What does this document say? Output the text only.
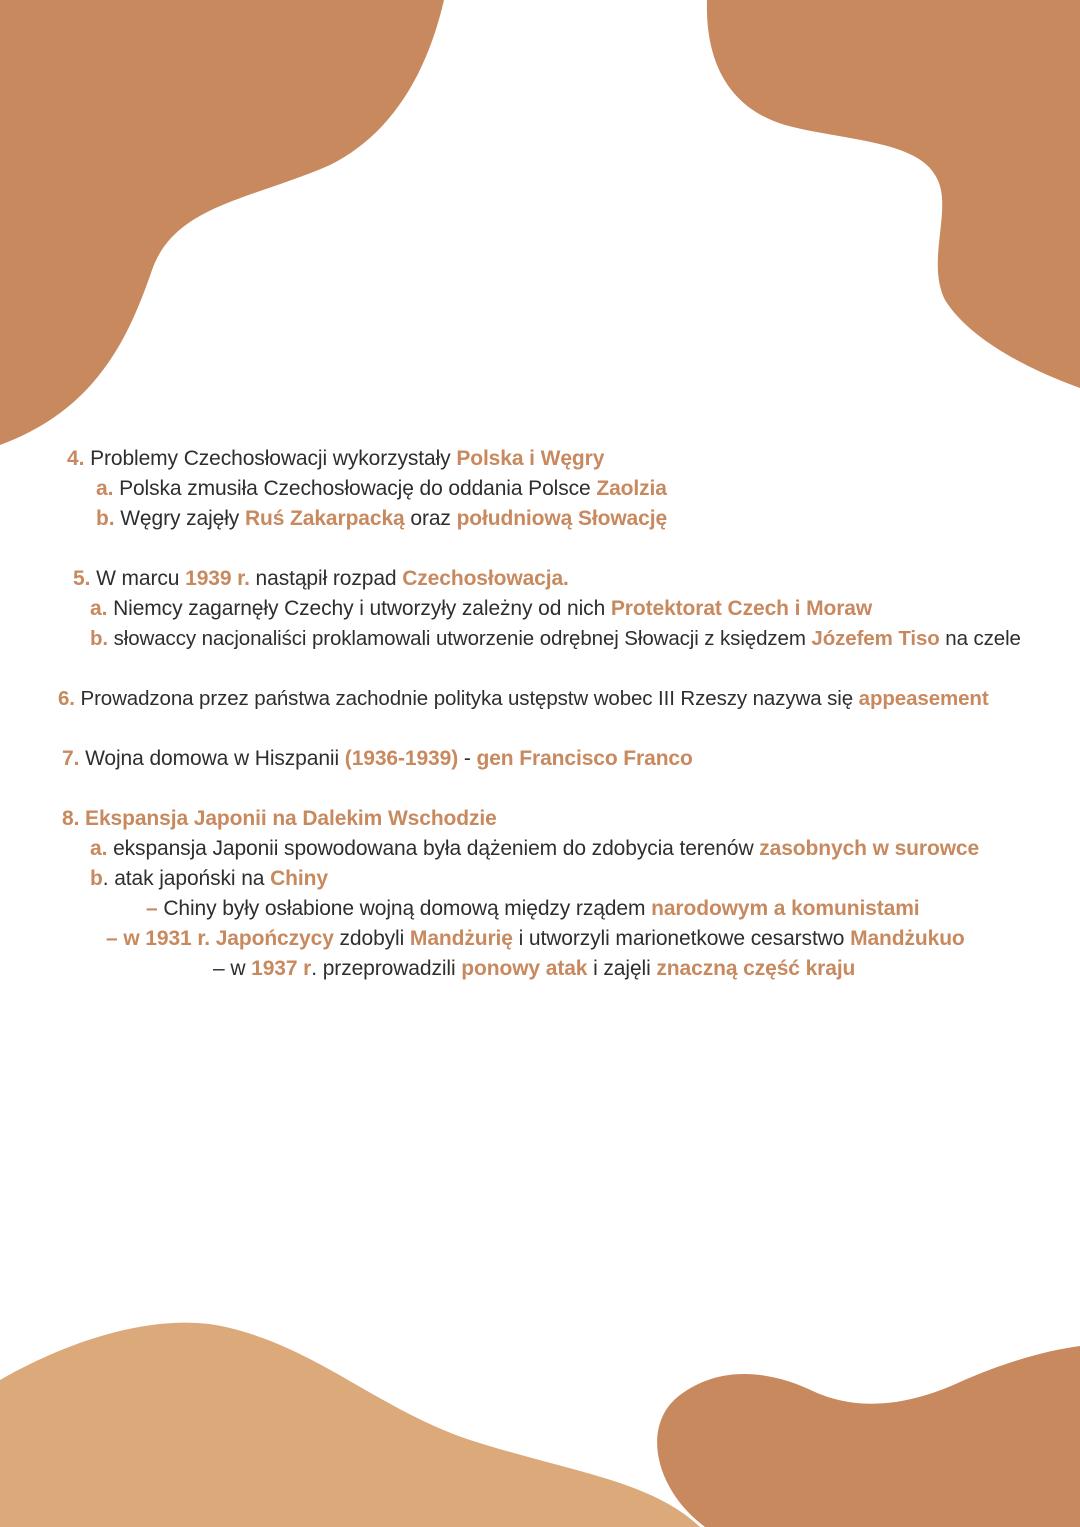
4. Problemy Czechosłowacji wykorzystały Polska i Węgry
a. Polska zmusiła Czechosłowację do oddania Polsce Zaolzia
b. Węgry zajęły Ruś Zakarpacką oraz południową Słowację
5. W marcu 1939 r. nastąpił rozpad Czechosłowacja.
a. Niemcy zagarnęły Czechy i utworzyły zależny od nich Protektorat Czech i Moraw
b. słowaccy nacjonaliści proklamowali utworzenie odrębnej Słowacji z księdzem Józefem Tiso na czele
6. Prowadzona przez państwa zachodnie polityka ustępstw wobec III Rzeszy nazywa się appeasement
7. Wojna domowa w Hiszpanii (1936-1939) - gen Francisco Franco
8. Ekspansja Japonii na Dalekim Wschodzie
a. ekspansja Japonii spowodowana była dążeniem do zdobycia terenów zasobnych w surowce
b. atak japoński na Chiny
– Chiny były osłabione wojną domową między rządem narodowym a komunistami
– w 1931 r. Japończycy zdobyli Mandżurię i utworzyli marionetkowe cesarstwo Mandżukuo
– w 1937 r. przeprowadzili ponowy atak i zajęli znaczną część kraju
